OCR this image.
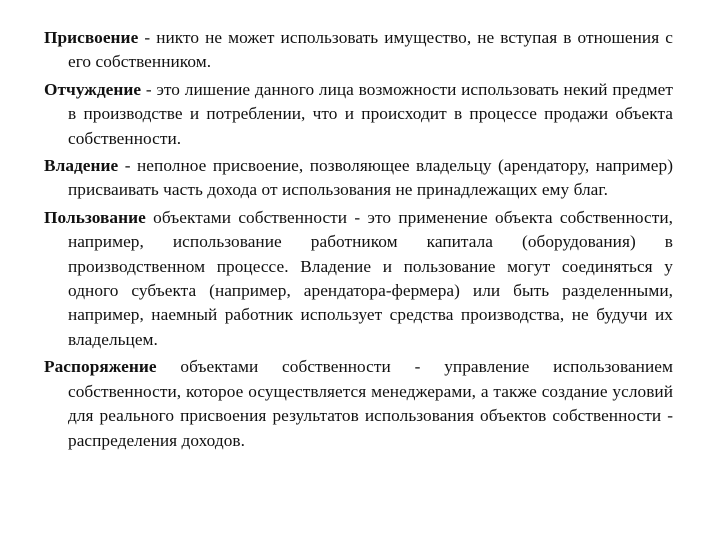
Присвоение - никто не может использовать имущество, не вступая в отношения с его собственником.

Отчуждение - это лишение данного лица возможности использовать некий предмет в производстве и потреблении, что и происходит в процессе продажи объекта собственности.

Владение - неполное присвоение, позволяющее владельцу (арендатору, например) присваивать часть дохода от использования не принадлежащих ему благ.

Пользование объектами собственности - это применение объекта собственности, например, использование работником капитала (оборудования) в производственном процессе. Владение и пользование могут соединяться у одного субъекта (например, арендатора-фермера) или быть разделенными, например, наемный работник использует средства производства, не будучи их владельцем.

Распоряжение объектами собственности - управление использованием собственности, которое осуществляется менеджерами, а также создание условий для реального присвоения результатов использования объектов собственности - распределения доходов.
